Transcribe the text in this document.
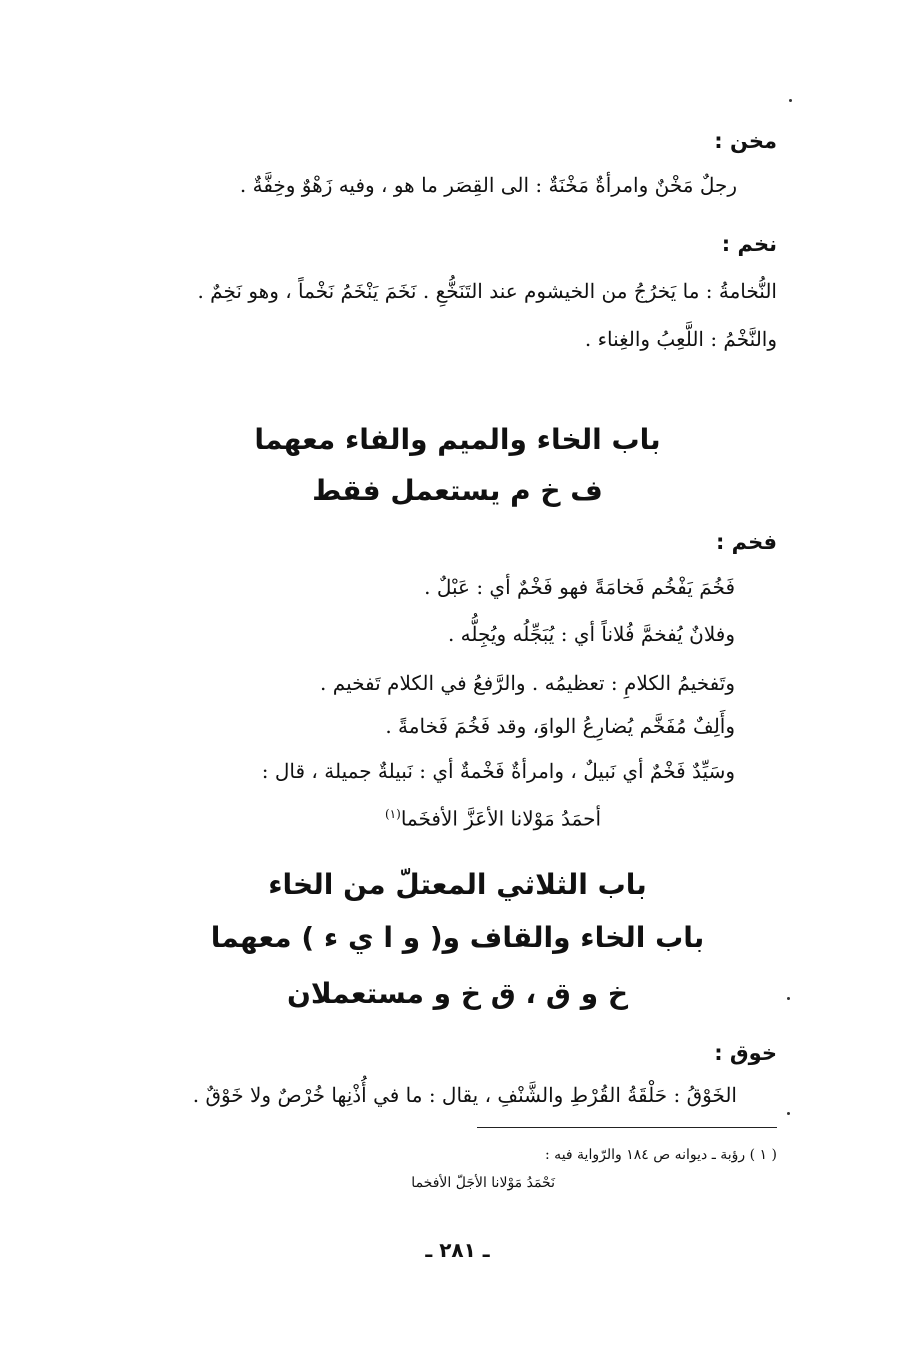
مخن :
رجلٌ مَخْنٌ وامرأةٌ مَخْنَةٌ : الى القِصَر ما هو ، وفيه زَهْوٌ وخِفَّةٌ .
نخم :
النُّخامةُ : ما يَخرُجُ من الخيشوم عند التَنَخُّعِ . نَخَمَ يَنْخَمُ نَخْماً ، وهو نَخِمٌ .
والنَّخْمُ : اللَّعِبُ والغِناء .
باب الخاء والميم والفاء معهما
ف خ م يستعمل فقط
فخم :
فَخُمَ يَفْخُم فَخامَةً فهو فَخْمٌ أي : عَبْلٌ .
وفلانٌ يُفخمَّ فُلاناً أي : يُبَجِّلُه ويُجِلُّه .
وتَفخيمُ الكلامِ : تعظيمُه . والرَّفعُ في الكلام تَفخيم .
وأَلِفٌ مُفَخَّم يُضارِعُ الواوَ، وقد فَخُمَ فَخامةً .
وسَيِّدٌ فَخْمٌ أي نَبيلٌ ، وامرأةٌ فَخْمةٌ أي : نَبيلةٌ جميلة ، قال :
أحمَدُ مَوْلانا الأعَزَّ الأفخَما$^{(١)}$
باب الثلاثي المعتلّ من الخاء
باب الخاء والقاف و( و ا ي ء ) معهما
خ و ق ، ق خ و مستعملان
خوق :
الخَوْقُ : حَلْقَةُ القُرْطِ والشَّنْفِ ، يقال : ما في أُذْنِها خُرْصٌ ولا خَوْقٌ .
( ١ ) رؤبة ـ ديوانه ص ١٨٤ والرّواية فيه :
نَحْمَدُ مَوْلانا الأجَلّ الأفخما
ـ ٢٨١ ـ
